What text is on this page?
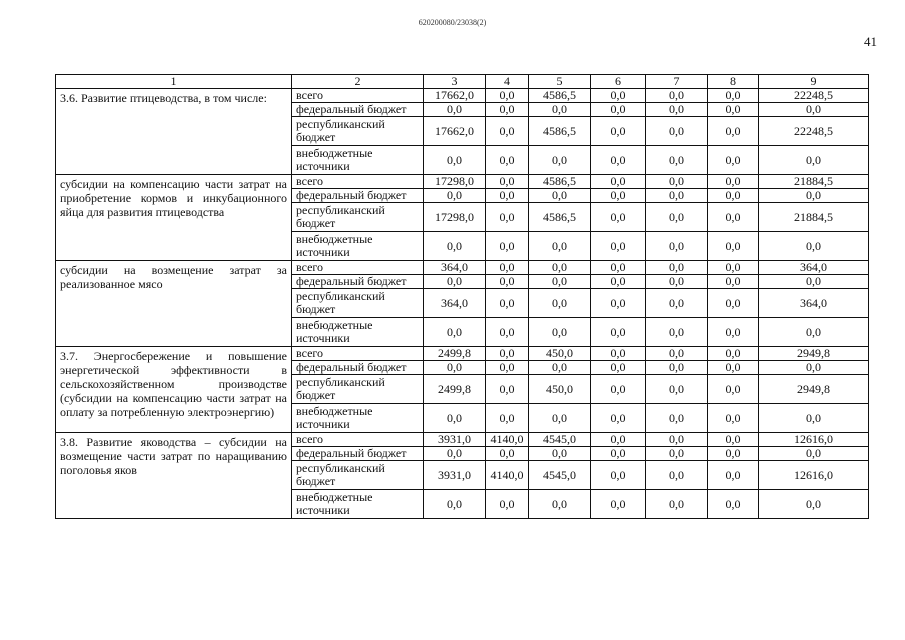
620200080/23038(2)
41
1	2	3	4	5	6	7	8	9
3.6. Развитие птицеводства, в том числе:	всего	17662,0	0,0	4586,5	0,0	0,0	0,0	22248,5
	федеральный бюджет	0,0	0,0	0,0	0,0	0,0	0,0	0,0
	республиканский бюджет	17662,0	0,0	4586,5	0,0	0,0	0,0	22248,5
	внебюджетные источники	0,0	0,0	0,0	0,0	0,0	0,0	0,0
субсидии на компенсацию части затрат на приобретение кормов и инкубационного яйца для развития птицеводства	всего	17298,0	0,0	4586,5	0,0	0,0	0,0	21884,5
	федеральный бюджет	0,0	0,0	0,0	0,0	0,0	0,0	0,0
	республиканский бюджет	17298,0	0,0	4586,5	0,0	0,0	0,0	21884,5
	внебюджетные источники	0,0	0,0	0,0	0,0	0,0	0,0	0,0
субсидии на возмещение затрат за реализованное мясо	всего	364,0	0,0	0,0	0,0	0,0	0,0	364,0
	федеральный бюджет	0,0	0,0	0,0	0,0	0,0	0,0	0,0
	республиканский бюджет	364,0	0,0	0,0	0,0	0,0	0,0	364,0
	внебюджетные источники	0,0	0,0	0,0	0,0	0,0	0,0	0,0
3.7. Энергосбережение и повышение энергетической эффективности в сельскохозяйственном производстве (субсидии на компенсацию части затрат на оплату за потребленную электроэнергию)	всего	2499,8	0,0	450,0	0,0	0,0	0,0	2949,8
	федеральный бюджет	0,0	0,0	0,0	0,0	0,0	0,0	0,0
	республиканский бюджет	2499,8	0,0	450,0	0,0	0,0	0,0	2949,8
	внебюджетные источники	0,0	0,0	0,0	0,0	0,0	0,0	0,0
3.8. Развитие яководства – субсидии на возмещение части затрат по наращиванию поголовья яков	всего	3931,0	4140,0	4545,0	0,0	0,0	0,0	12616,0
	федеральный бюджет	0,0	0,0	0,0	0,0	0,0	0,0	0,0
	республиканский бюджет	3931,0	4140,0	4545,0	0,0	0,0	0,0	12616,0
	внебюджетные источники	0,0	0,0	0,0	0,0	0,0	0,0	0,0
